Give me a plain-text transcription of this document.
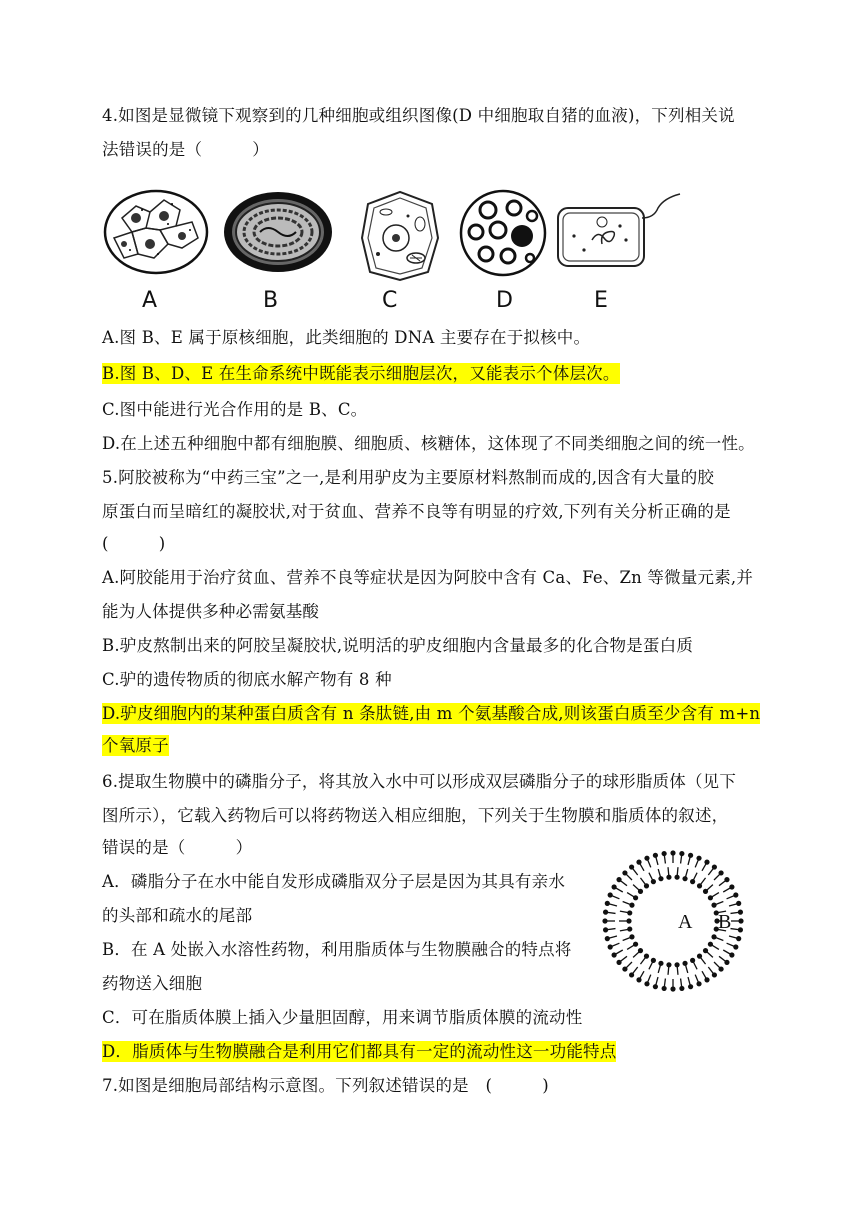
4.如图是显微镜下观察到的几种细胞或组织图像(D 中细胞取自猪的血液)，下列相关说
法错误的是（　　　）
A	B	C	D	E
A.图 B、E 属于原核细胞，此类细胞的 DNA 主要存在于拟核中。
B.图 B、D、E 在生命系统中既能表示细胞层次，又能表示个体层次。
C.图中能进行光合作用的是 B、C。
D.在上述五种细胞中都有细胞膜、细胞质、核糖体，这体现了不同类细胞之间的统一性。
5.阿胶被称为“中药三宝”之一,是利用驴皮为主要原材料熬制而成的,因含有大量的胶
原蛋白而呈暗红的凝胶状,对于贫血、营养不良等有明显的疗效,下列有关分析正确的是
(　　　)
A.阿胶能用于治疗贫血、营养不良等症状是因为阿胶中含有 Ca、Fe、Zn 等微量元素,并
能为人体提供多种必需氨基酸
B.驴皮熬制出来的阿胶呈凝胶状,说明活的驴皮细胞内含量最多的化合物是蛋白质
C.驴的遗传物质的彻底水解产物有 8 种
D.驴皮细胞内的某种蛋白质含有 n 条肽链,由 m 个氨基酸合成,则该蛋白质至少含有 m+n
个氧原子
6.提取生物膜中的磷脂分子，将其放入水中可以形成双层磷脂分子的球形脂质体（见下
图所示），它载入药物后可以将药物送入相应细胞，下列关于生物膜和脂质体的叙述，
错误的是（　　　）
A．磷脂分子在水中能自发形成磷脂双分子层是因为其具有亲水
的头部和疏水的尾部
B．在 A 处嵌入水溶性药物，利用脂质体与生物膜融合的特点将
药物送入细胞
C．可在脂质体膜上插入少量胆固醇，用来调节脂质体膜的流动性
D．脂质体与生物膜融合是利用它们都具有一定的流动性这一功能特点
A B
7.如图是细胞局部结构示意图。下列叙述错误的是　(　　　)
